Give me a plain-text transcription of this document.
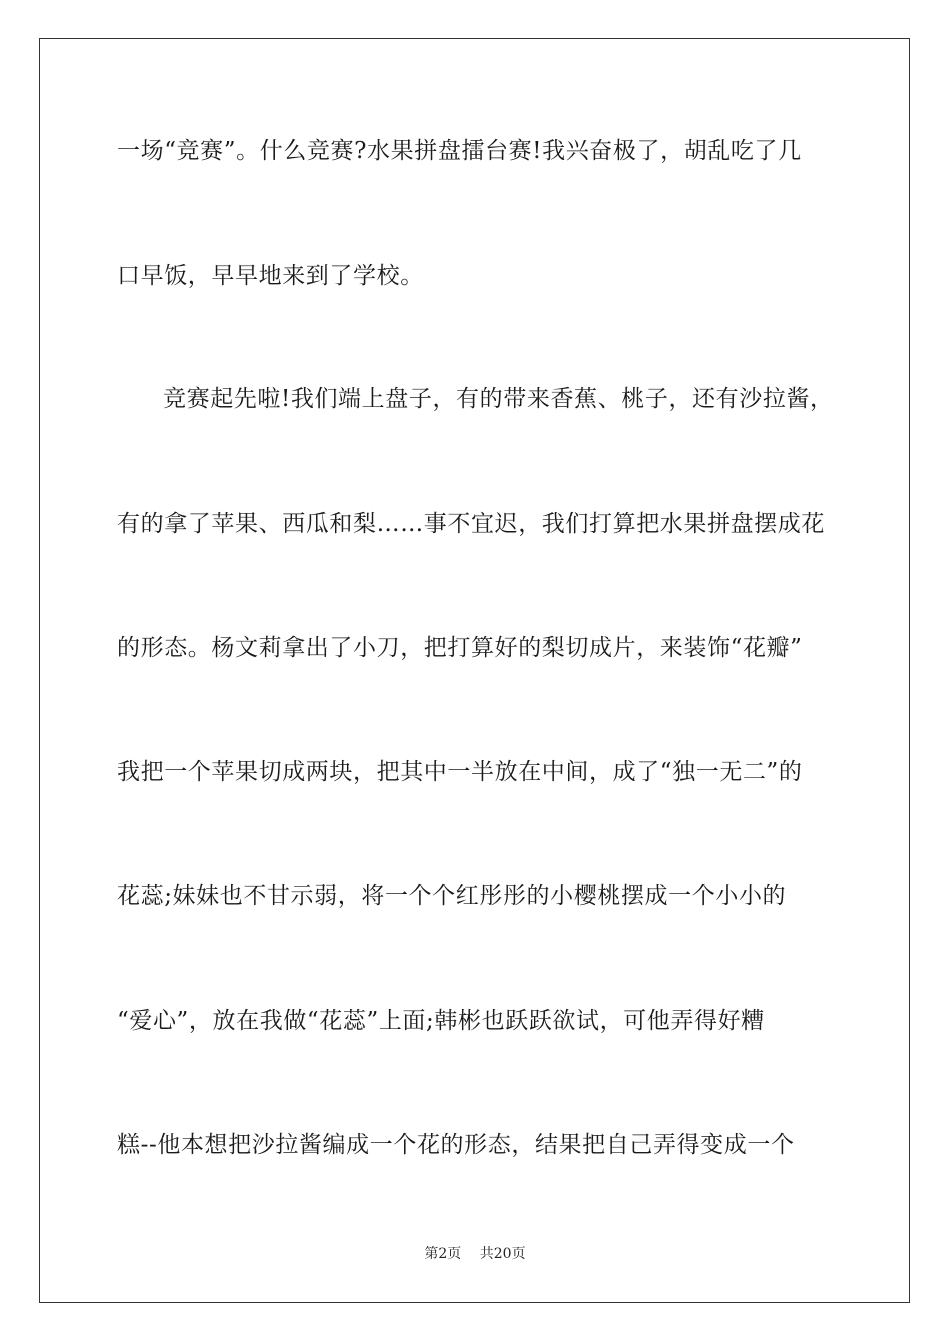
一场“竞赛”。什么竞赛?水果拼盘擂台赛!我兴奋极了，胡乱吃了几
口早饭，早早地来到了学校。
竞赛起先啦!我们端上盘子，有的带来香蕉、桃子，还有沙拉酱，
有的拿了苹果、西瓜和梨……事不宜迟，我们打算把水果拼盘摆成花
的形态。杨文莉拿出了小刀，把打算好的梨切成片，来装饰“花瓣”
我把一个苹果切成两块，把其中一半放在中间，成了“独一无二”的
花蕊;妹妹也不甘示弱，将一个个红彤彤的小樱桃摆成一个小小的
“爱心”，放在我做“花蕊”上面;韩彬也跃跃欲试，可他弄得好糟
糕--他本想把沙拉酱编成一个花的形态，结果把自己弄得变成一个
第2页 共20页
